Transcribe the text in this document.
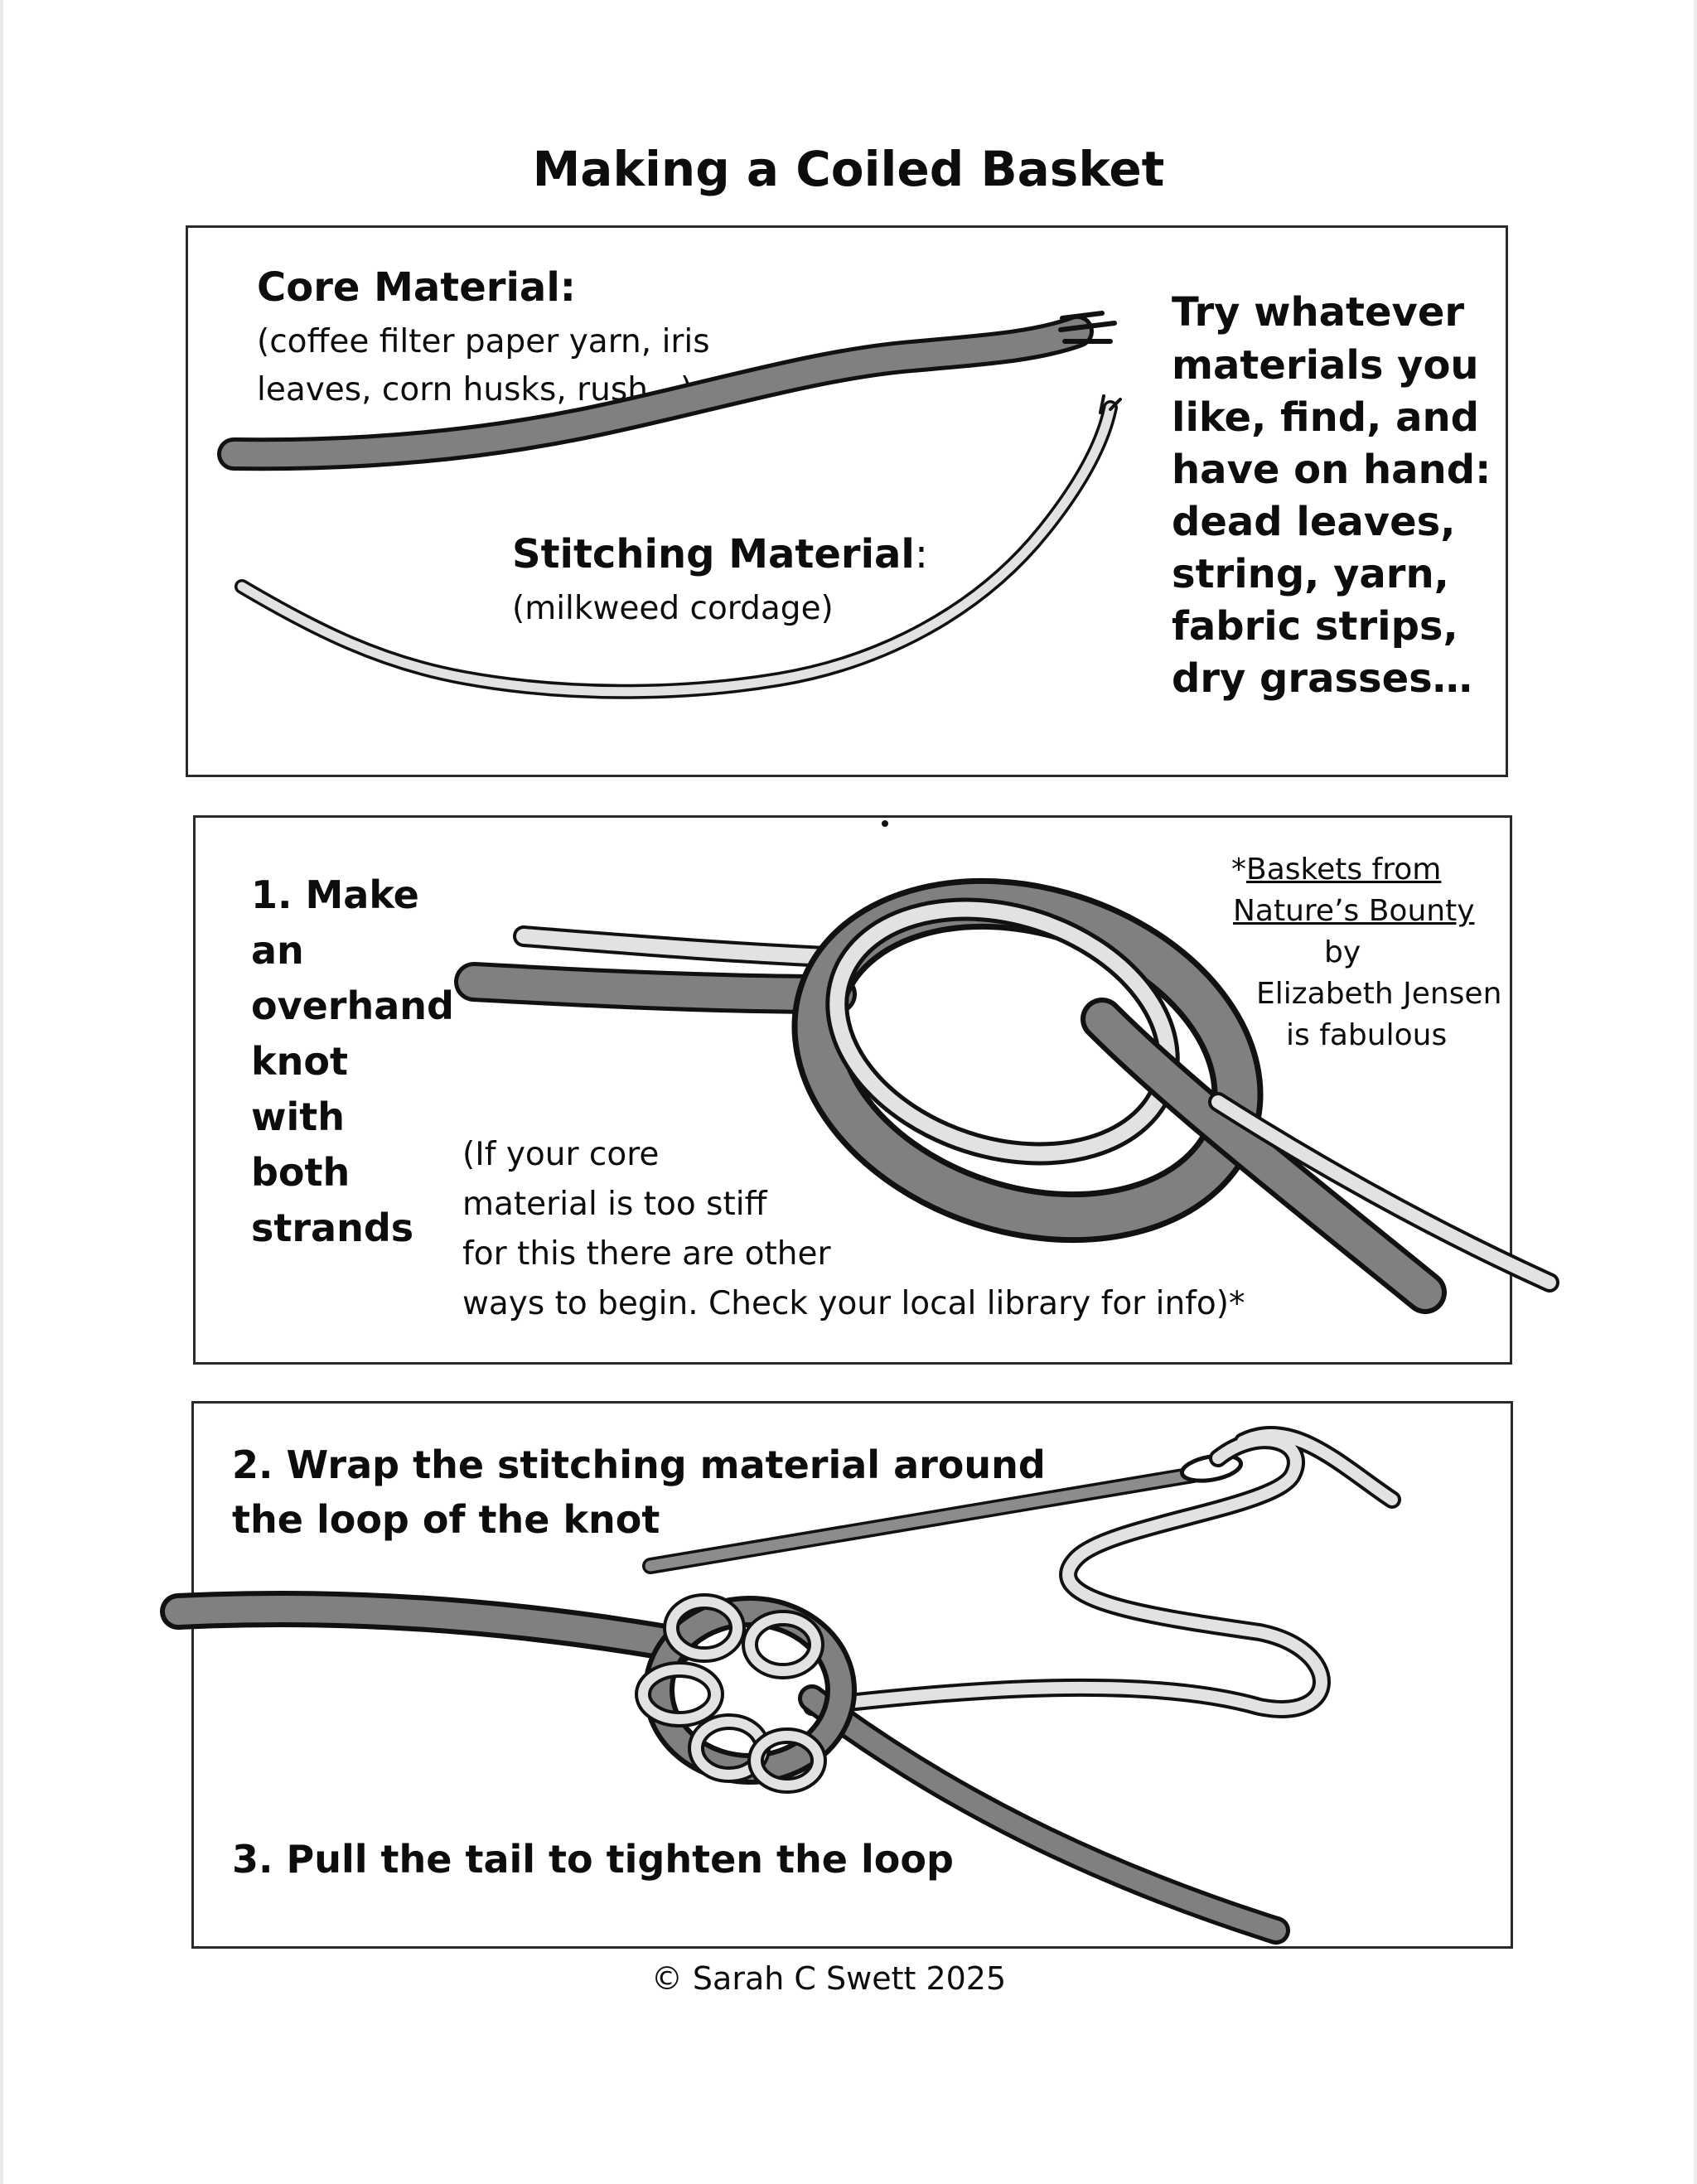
Making a Coiled Basket
Core Material:
(coffee filter paper yarn, iris
leaves, corn husks, rush…)
Stitching Material:
(milkweed cordage)
Try whatever
materials you
like, find, and
have on hand:
dead leaves,
string, yarn,
fabric strips,
dry grasses…
1. Make
an
overhand
knot
with
both
strands
(If your core
material is too stiff
for this there are other
ways to begin. Check your local library for info)*
*Baskets from
Nature’s Bounty
by
Elizabeth Jensen
is fabulous
2. Wrap the stitching material around
the loop of the knot
3. Pull the tail to tighten the loop
© Sarah C Swett 2025
